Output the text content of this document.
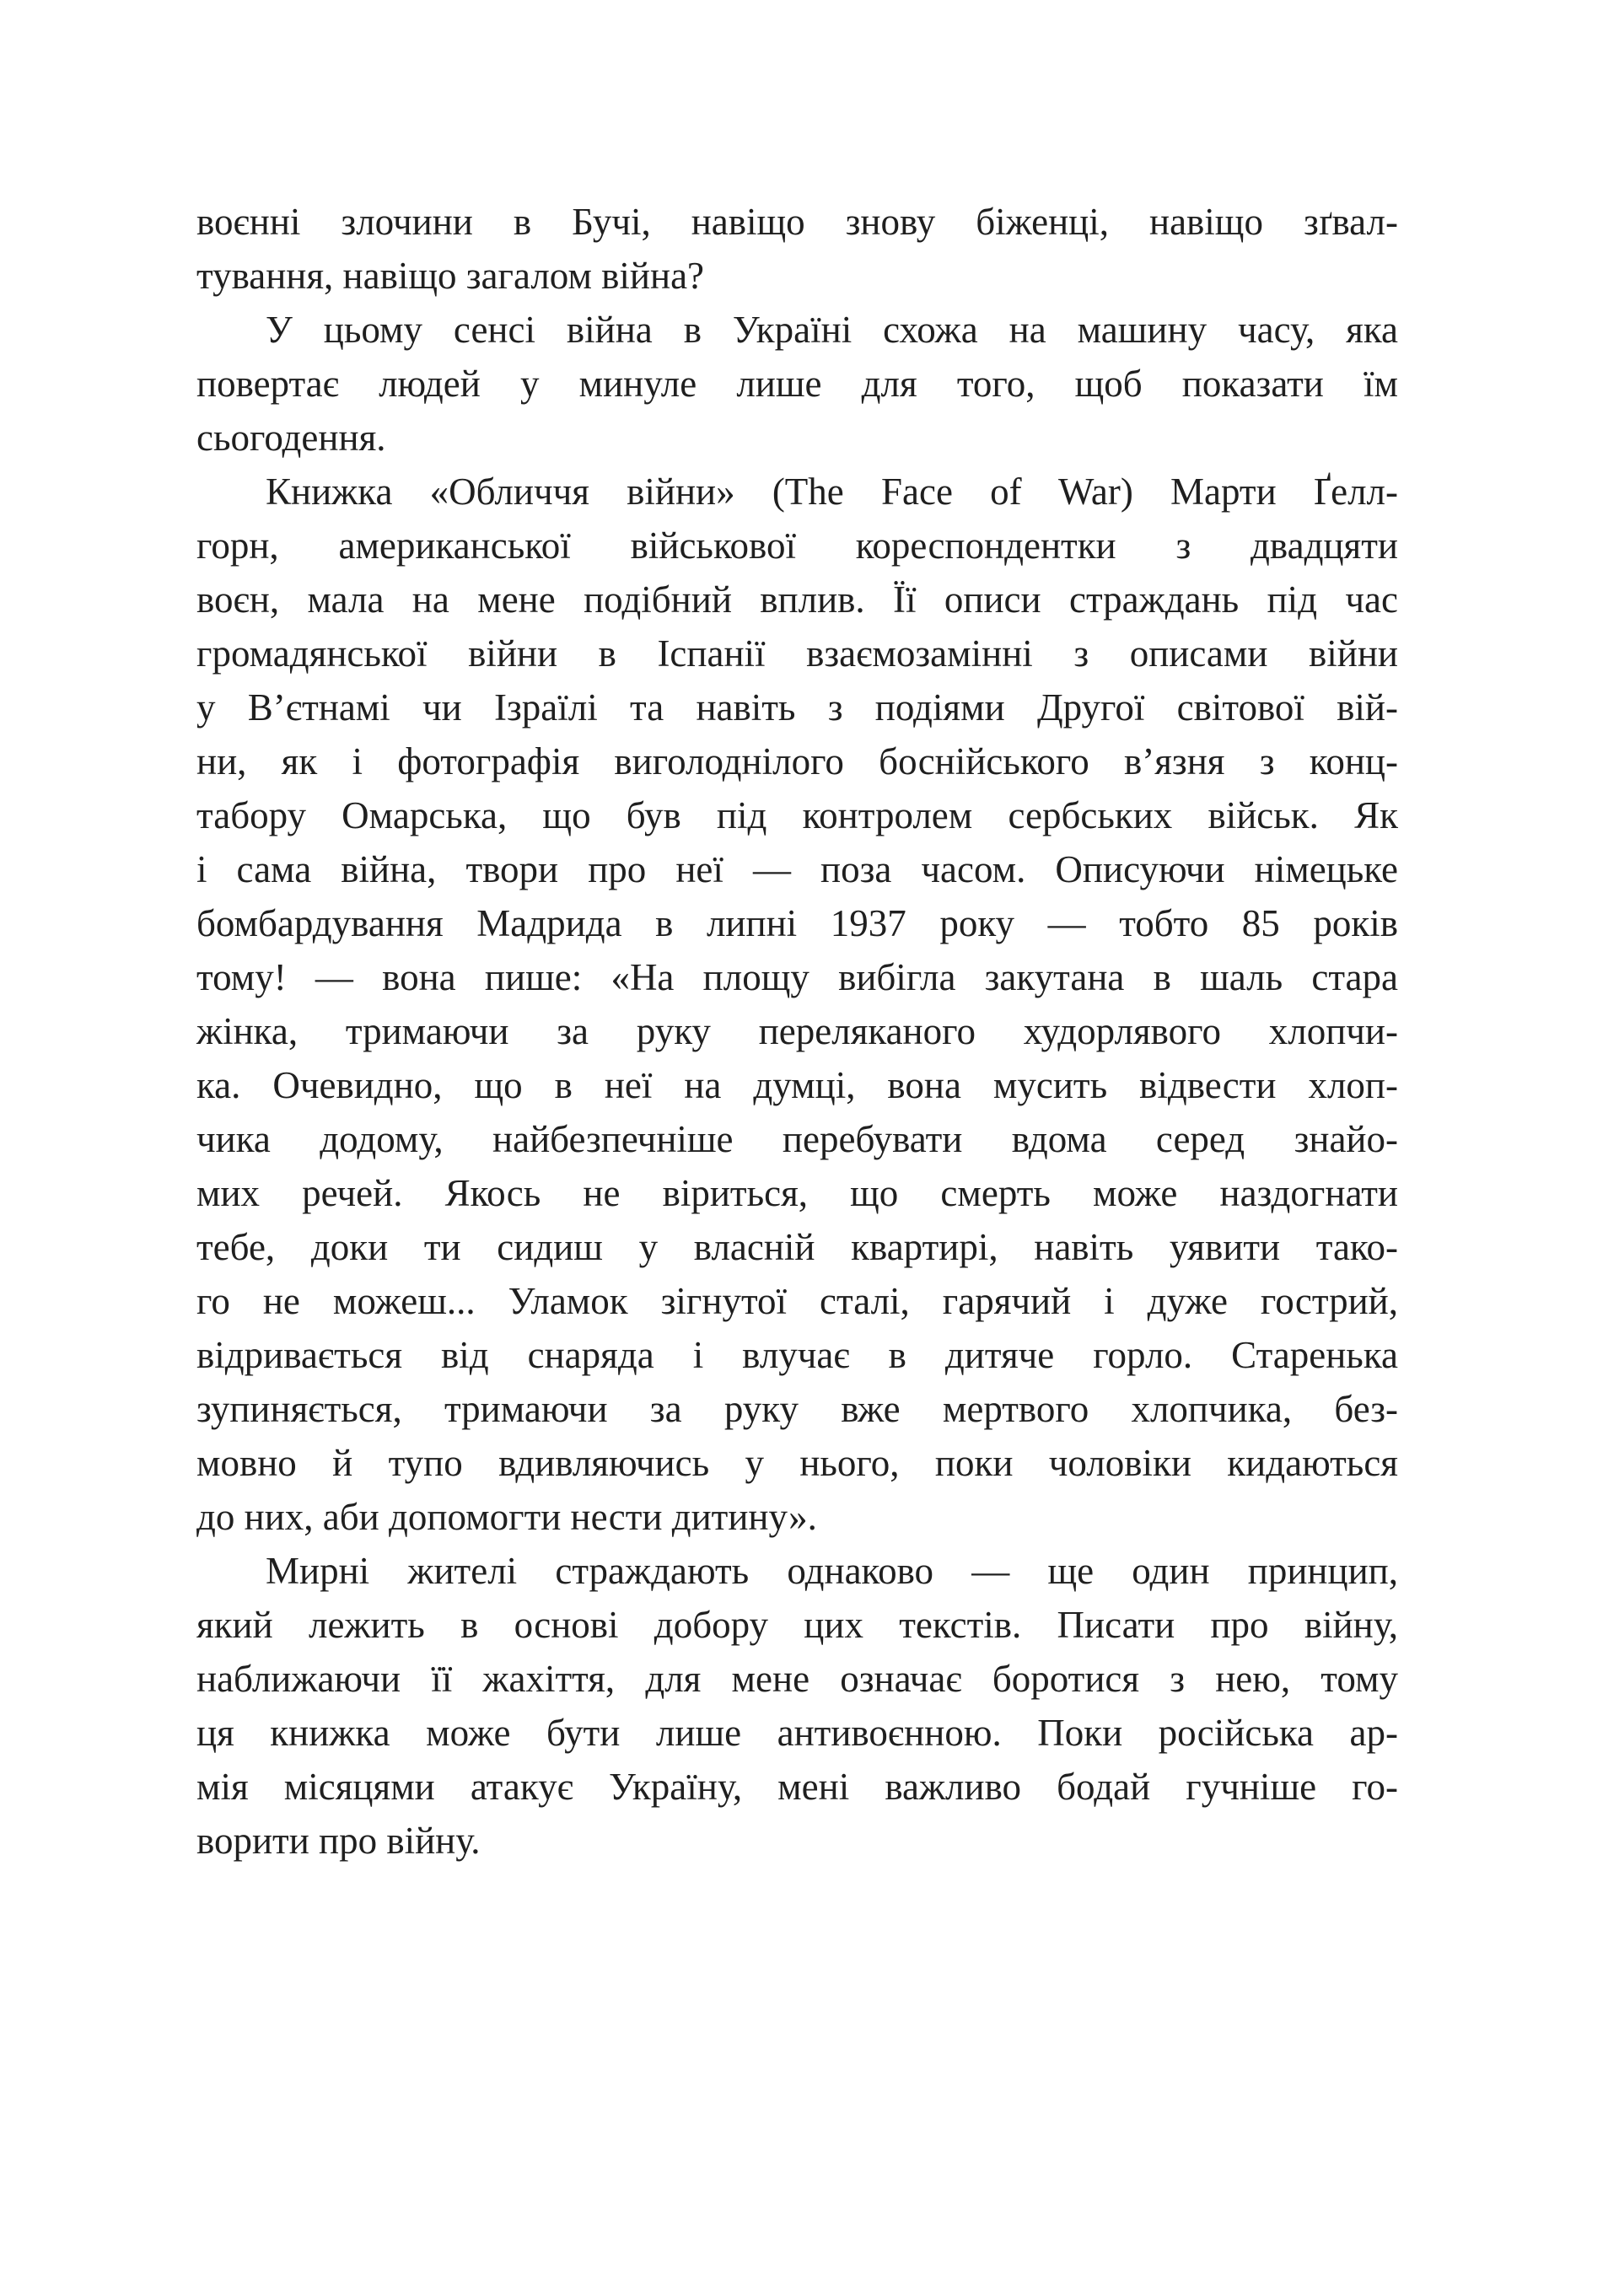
воєнні злочини в Бучі, навіщо знову біженці, навіщо зґвал-
тування, навіщо загалом війна?
У цьому сенсі війна в Україні схожа на машину часу, яка
повертає людей у минуле лише для того, щоб показати їм
сьогодення.
Книжка «Обличчя війни» (The Face of War) Марти Ґелл-
горн, американської військової кореспондентки з двадцяти
воєн, мала на мене подібний вплив. Її описи страждань під час
громадянської війни в Іспанії взаємозамінні з описами війни
у В’єтнамі чи Ізраїлі та навіть з подіями Другої світової вій-
ни, як і фотографія виголоднілого боснійського в’язня з конц-
табору Омарська, що був під контролем сербських військ. Як
і сама війна, твори про неї — поза часом. Описуючи німецьке
бомбардування Мадрида в липні 1937 року — тобто 85 років
тому! — вона пише: «На площу вибігла закутана в шаль стара
жінка, тримаючи за руку переляканого худорлявого хлопчи-
ка. Очевидно, що в неї на думці, вона мусить відвести хлоп-
чика додому, найбезпечніше перебувати вдома серед знайо-
мих речей. Якось не віриться, що смерть може наздогнати
тебе, доки ти сидиш у власній квартирі, навіть уявити тако-
го не можеш... Уламок зігнутої сталі, гарячий і дуже гострий,
відривається від снаряда і влучає в дитяче горло. Старенька
зупиняється, тримаючи за руку вже мертвого хлопчика, без-
мовно й тупо вдивляючись у нього, поки чоловіки кидаються
до них, аби допомогти нести дитину».
Мирні жителі страждають однаково — ще один принцип,
який лежить в основі добору цих текстів. Писати про війну,
наближаючи її жахіття, для мене означає боротися з нею, тому
ця книжка може бути лише антивоєнною. Поки російська ар-
мія місяцями атакує Україну, мені важливо бодай гучніше го-
ворити про війну.
